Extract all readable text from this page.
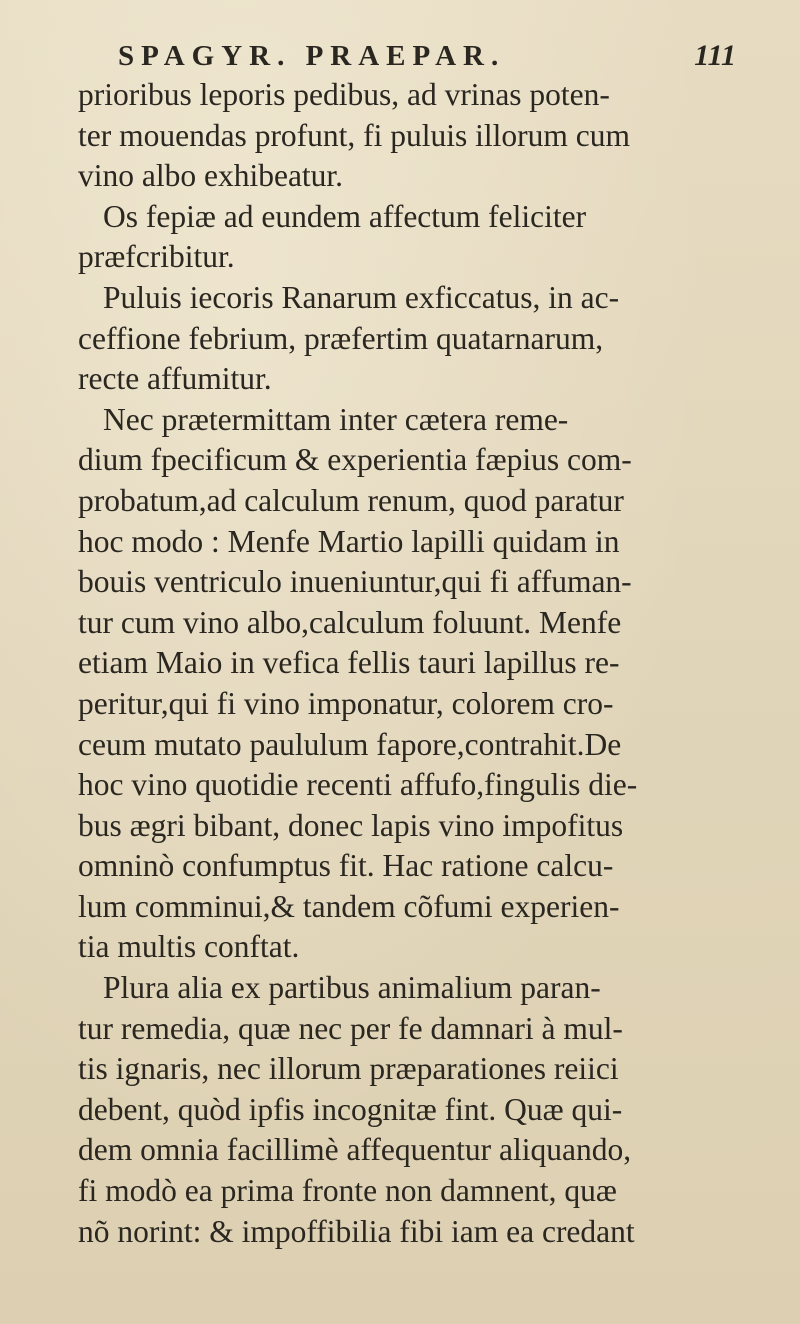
SPAGYR. PRAEPAR.	111
prioribus leporis pedibus, ad vrinas poten-
ter mouendas profunt, fi puluis illorum cum
vino albo exhibeatur.
Os fepiæ ad eundem affectum feliciter
præfcribitur.
Puluis iecoris Ranarum exficcatus, in ac-
ceffione febrium, præfertim quatarnarum,
recte affumitur.
Nec prætermittam inter cætera reme-
dium fpecificum & experientia fæpius com-
probatum,ad calculum renum, quod paratur
hoc modo : Menfe Martio lapilli quidam in
bouis ventriculo inueniuntur,qui fi affuman-
tur cum vino albo,calculum foluunt. Menfe
etiam Maio in vefica fellis tauri lapillus re-
peritur,qui fi vino imponatur, colorem cro-
ceum mutato paululum fapore,contrahit.De
hoc vino quotidie recenti affufo,fingulis die-
bus ægri bibant, donec lapis vino impofitus
omninò confumptus fit. Hac ratione calcu-
lum comminui,& tandem cõfumi experien-
tia multis conftat.
Plura alia ex partibus animalium paran-
tur remedia, quæ nec per fe damnari à mul-
tis ignaris, nec illorum præparationes reiici
debent, quòd ipfis incognitæ fint. Quæ qui-
dem omnia facillimè affequentur aliquando,
fi modò ea prima fronte non damnent, quæ
nõ norint: & impoffibilia fibi iam ea credant
